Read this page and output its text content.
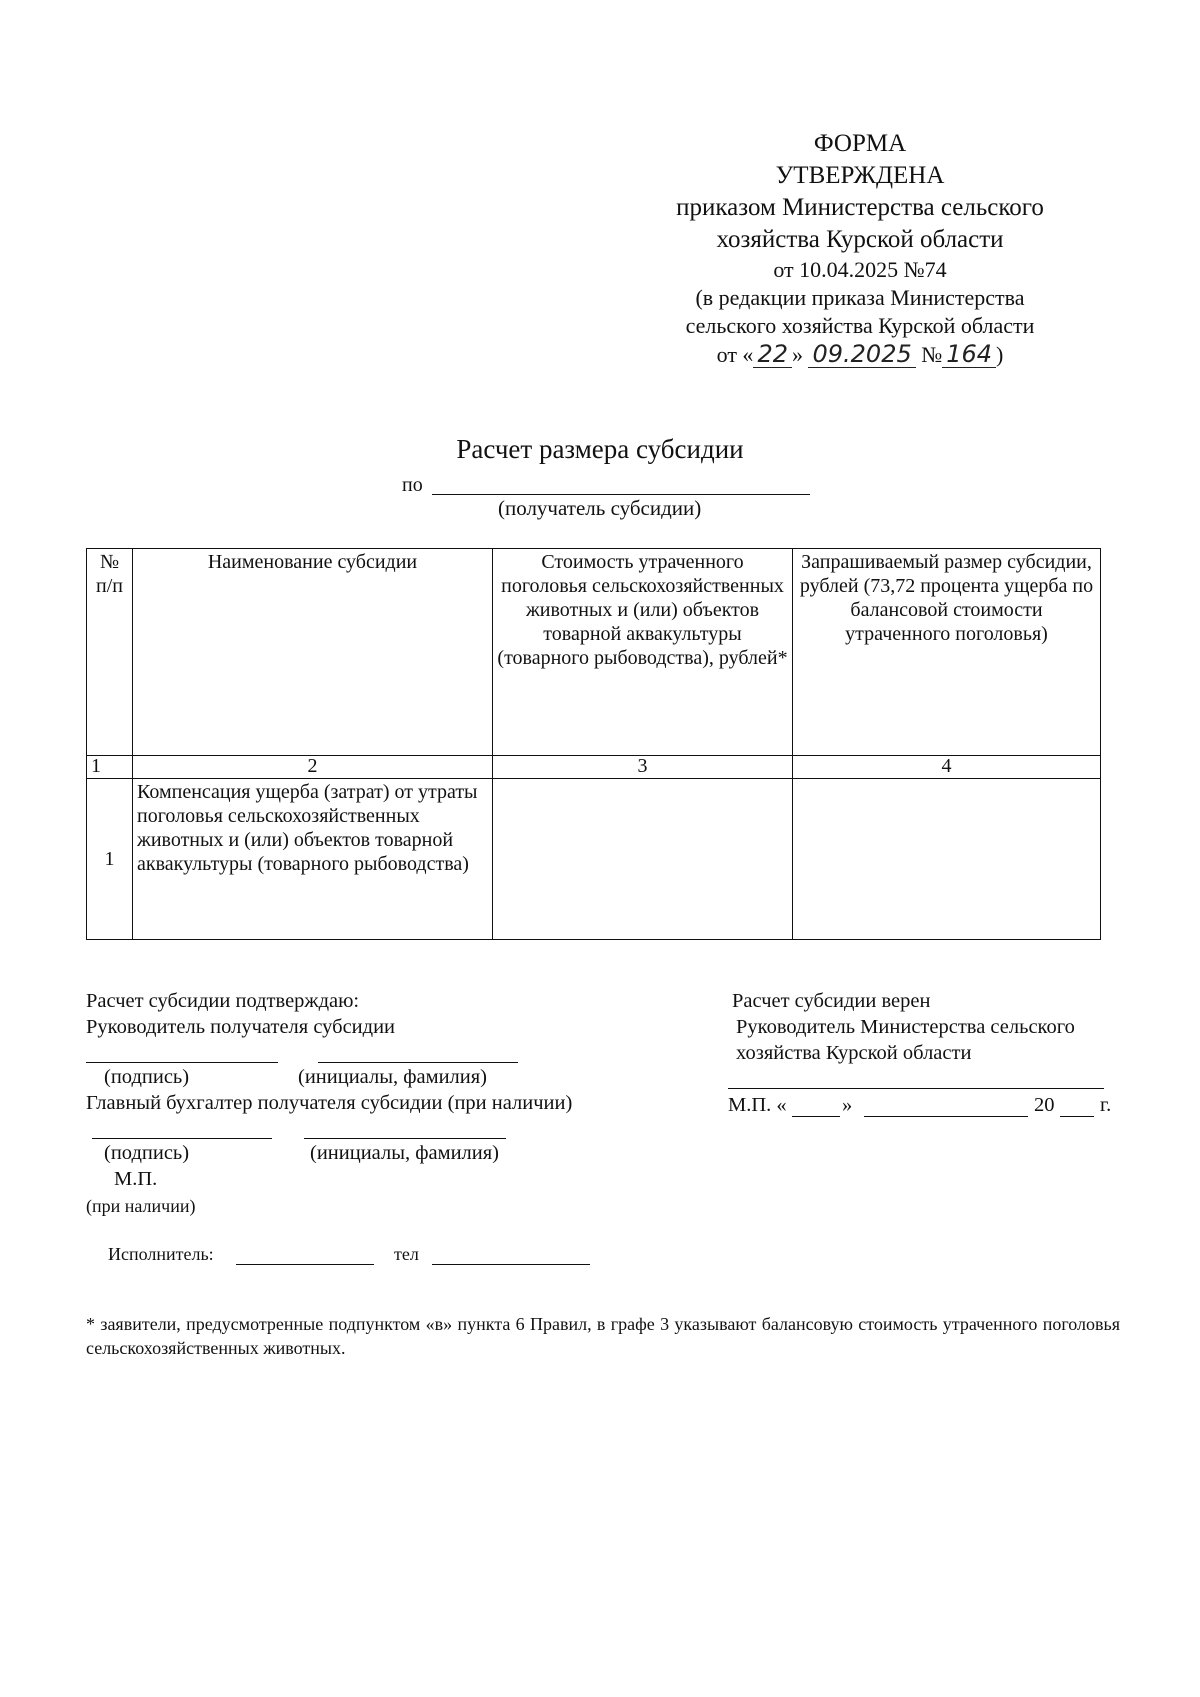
ФОРМА
УТВЕРЖДЕНА
приказом Министерства сельского
хозяйства Курской области
от 10.04.2025 №74
(в редакции приказа Министерства
сельского хозяйства Курской области
от « 22 » 09.2025 № 164 )
Расчет размера субсидии
по
(получатель субсидии)
№ п/п	Наименование субсидии	Стоимость утраченного поголовья сельскохозяйственных животных и (или) объектов товарной аквакультуры (товарного рыбоводства), рублей*	Запрашиваемый размер субсидии, рублей (73,72 процента ущерба по балансовой стоимости утраченного поголовья)
1	2	3	4
1	Компенсация ущерба (затрат) от утраты поголовья сельскохозяйственных животных и (или) объектов товарной аквакультуры (товарного рыбоводства)		
Расчет субсидии подтверждаю:
Руководитель получателя субсидии
(подпись)	(инициалы, фамилия)
Главный бухгалтер получателя субсидии (при наличии)
(подпись)	(инициалы, фамилия)
М.П.
(при наличии)
Исполнитель:	тел
Расчет субсидии верен
Руководитель Министерства сельского
хозяйства Курской области
М.П. «	»	20 г.
* заявители, предусмотренные подпунктом «в» пункта 6 Правил, в графе 3 указывают балансовую стоимость утраченного поголовья сельскохозяйственных животных.
